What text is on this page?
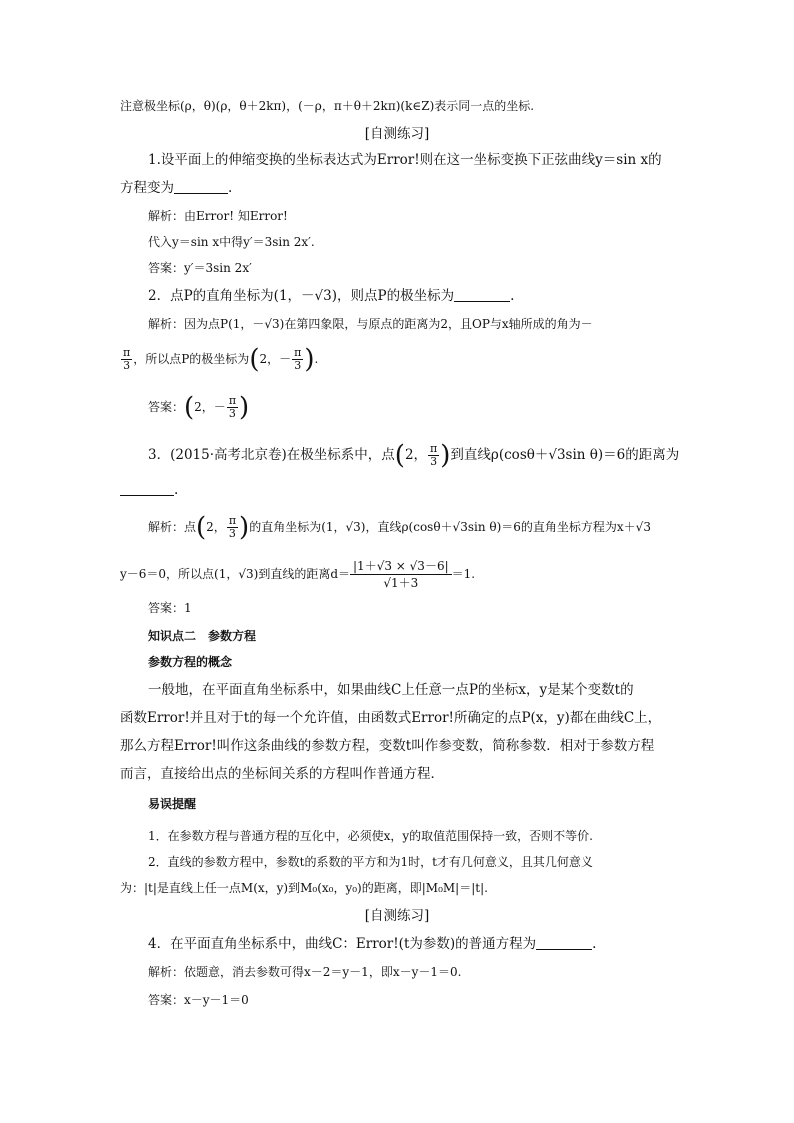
注意极坐标(ρ，θ)(ρ，θ＋2kπ)，(－ρ，π＋θ＋2kπ)(k∈Z)表示同一点的坐标.
[自测练习]
1.设平面上的伸缩变换的坐标表达式为Error!则在这一坐标变换下正弦曲线y＝sin x的
方程变为	.
解析：由Error! 知Error!
代入y＝sin x中得y′＝3sin 2x′.
答案：y′＝3sin 2x′
2．点P的直角坐标为(1，－√3)，则点P的极坐标为	.
解析：因为点P(1，－√3)在第四象限，与原点的距离为2，且OP与x轴所成的角为－
$\frac{\pi}{3}$ ，所以点P的极坐标为(2，－ $\frac{\pi}{3}$ ).
答案：(2，－ $\frac{\pi}{3}$ )
3．(2015·高考北京卷)在极坐标系中，点(2， $\frac{\pi}{3}$ )到直线ρ(cosθ＋√3sin θ)＝6的距离为
.
解析：点(2， $\frac{\pi}{3}$ )的直角坐标为(1，√3)，直线ρ(cosθ＋√3sin θ)＝6的直角坐标方程为x＋√3
y－6＝0，所以点(1，√3)到直线的距离$d= \frac{|1+√3 \times √3-6|}{√1+3} =1$.
答案：1
知识点二　参数方程
参数方程的概念
一般地，在平面直角坐标系中，如果曲线C上任意一点P的坐标x，y是某个变数t的
函数Error!并且对于t的每一个允许值，由函数式Error!所确定的点P(x，y)都在曲线C上，
那么方程Error!叫作这条曲线的参数方程，变数t叫作参变数，简称参数．相对于参数方程
而言，直接给出点的坐标间关系的方程叫作普通方程．
易误提醒
1．在参数方程与普通方程的互化中，必须使x，y的取值范围保持一致，否则不等价.
2．直线的参数方程中，参数t的系数的平方和为1时，t才有几何意义，且其几何意义
为：|t|是直线上任一点M(x，y)到M₀(x₀，y₀)的距离，即|M₀M|＝|t|.
[自测练习]
4．在平面直角坐标系中，曲线C：Error!(t为参数)的普通方程为	.
解析：依题意，消去参数可得x－2＝y－1，即x－y－1＝0.
答案：x－y－1＝0
